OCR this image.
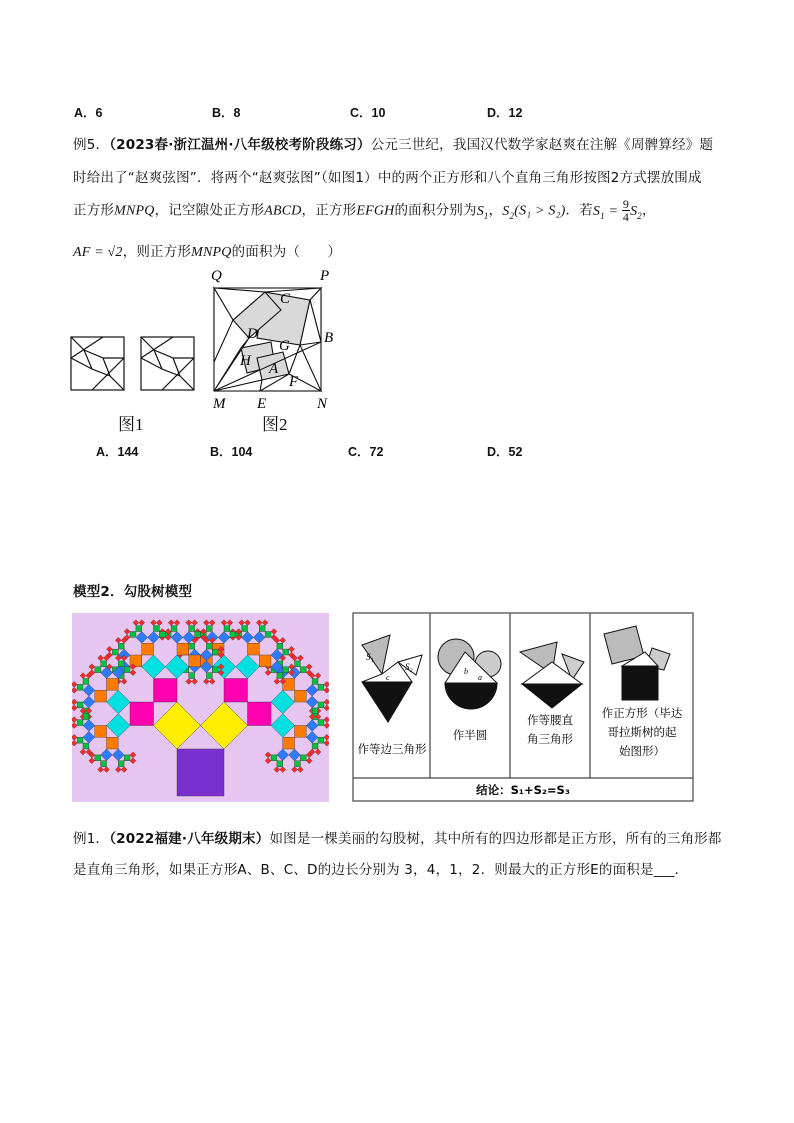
A．6	B．8	C．10	D．12
例5．（2023春·浙江温州·八年级校考阶段练习）公元三世纪，我国汉代数学家赵爽在注解《周髀算经》题
时给出了“赵爽弦图”．将两个“赵爽弦图”（如图1）中的两个正方形和八个直角三角形按图2方式摆放围成
正方形MNPQ，记空隙处正方形ABCD，正方形EFGH的面积分别为$S_1$，$S_2(S_1 > S_2)$．若$S_1 = \frac{9}{4} S_2$，
AF = √2，则正方形MNPQ的面积为（　　）
图1
Q	P
C
D	B
G
H A
F
M E	N
图2
A．144	B．104	C．72	D．52
模型2．勾股树模型
S₁
S₂
c	a
b
作等边三角形
作半圆
作等腰直
角三角形
作正方形（毕达
哥拉斯树的起
始图形）
结论：S₁+S₂=S₃
例1．（2022福建·八年级期末）如图是一棵美丽的勾股树，其中所有的四边形都是正方形，所有的三角形都
是直角三角形，如果正方形A、B、C、D的边长分别为 3，4，1，2．则最大的正方形E的面积是___．
